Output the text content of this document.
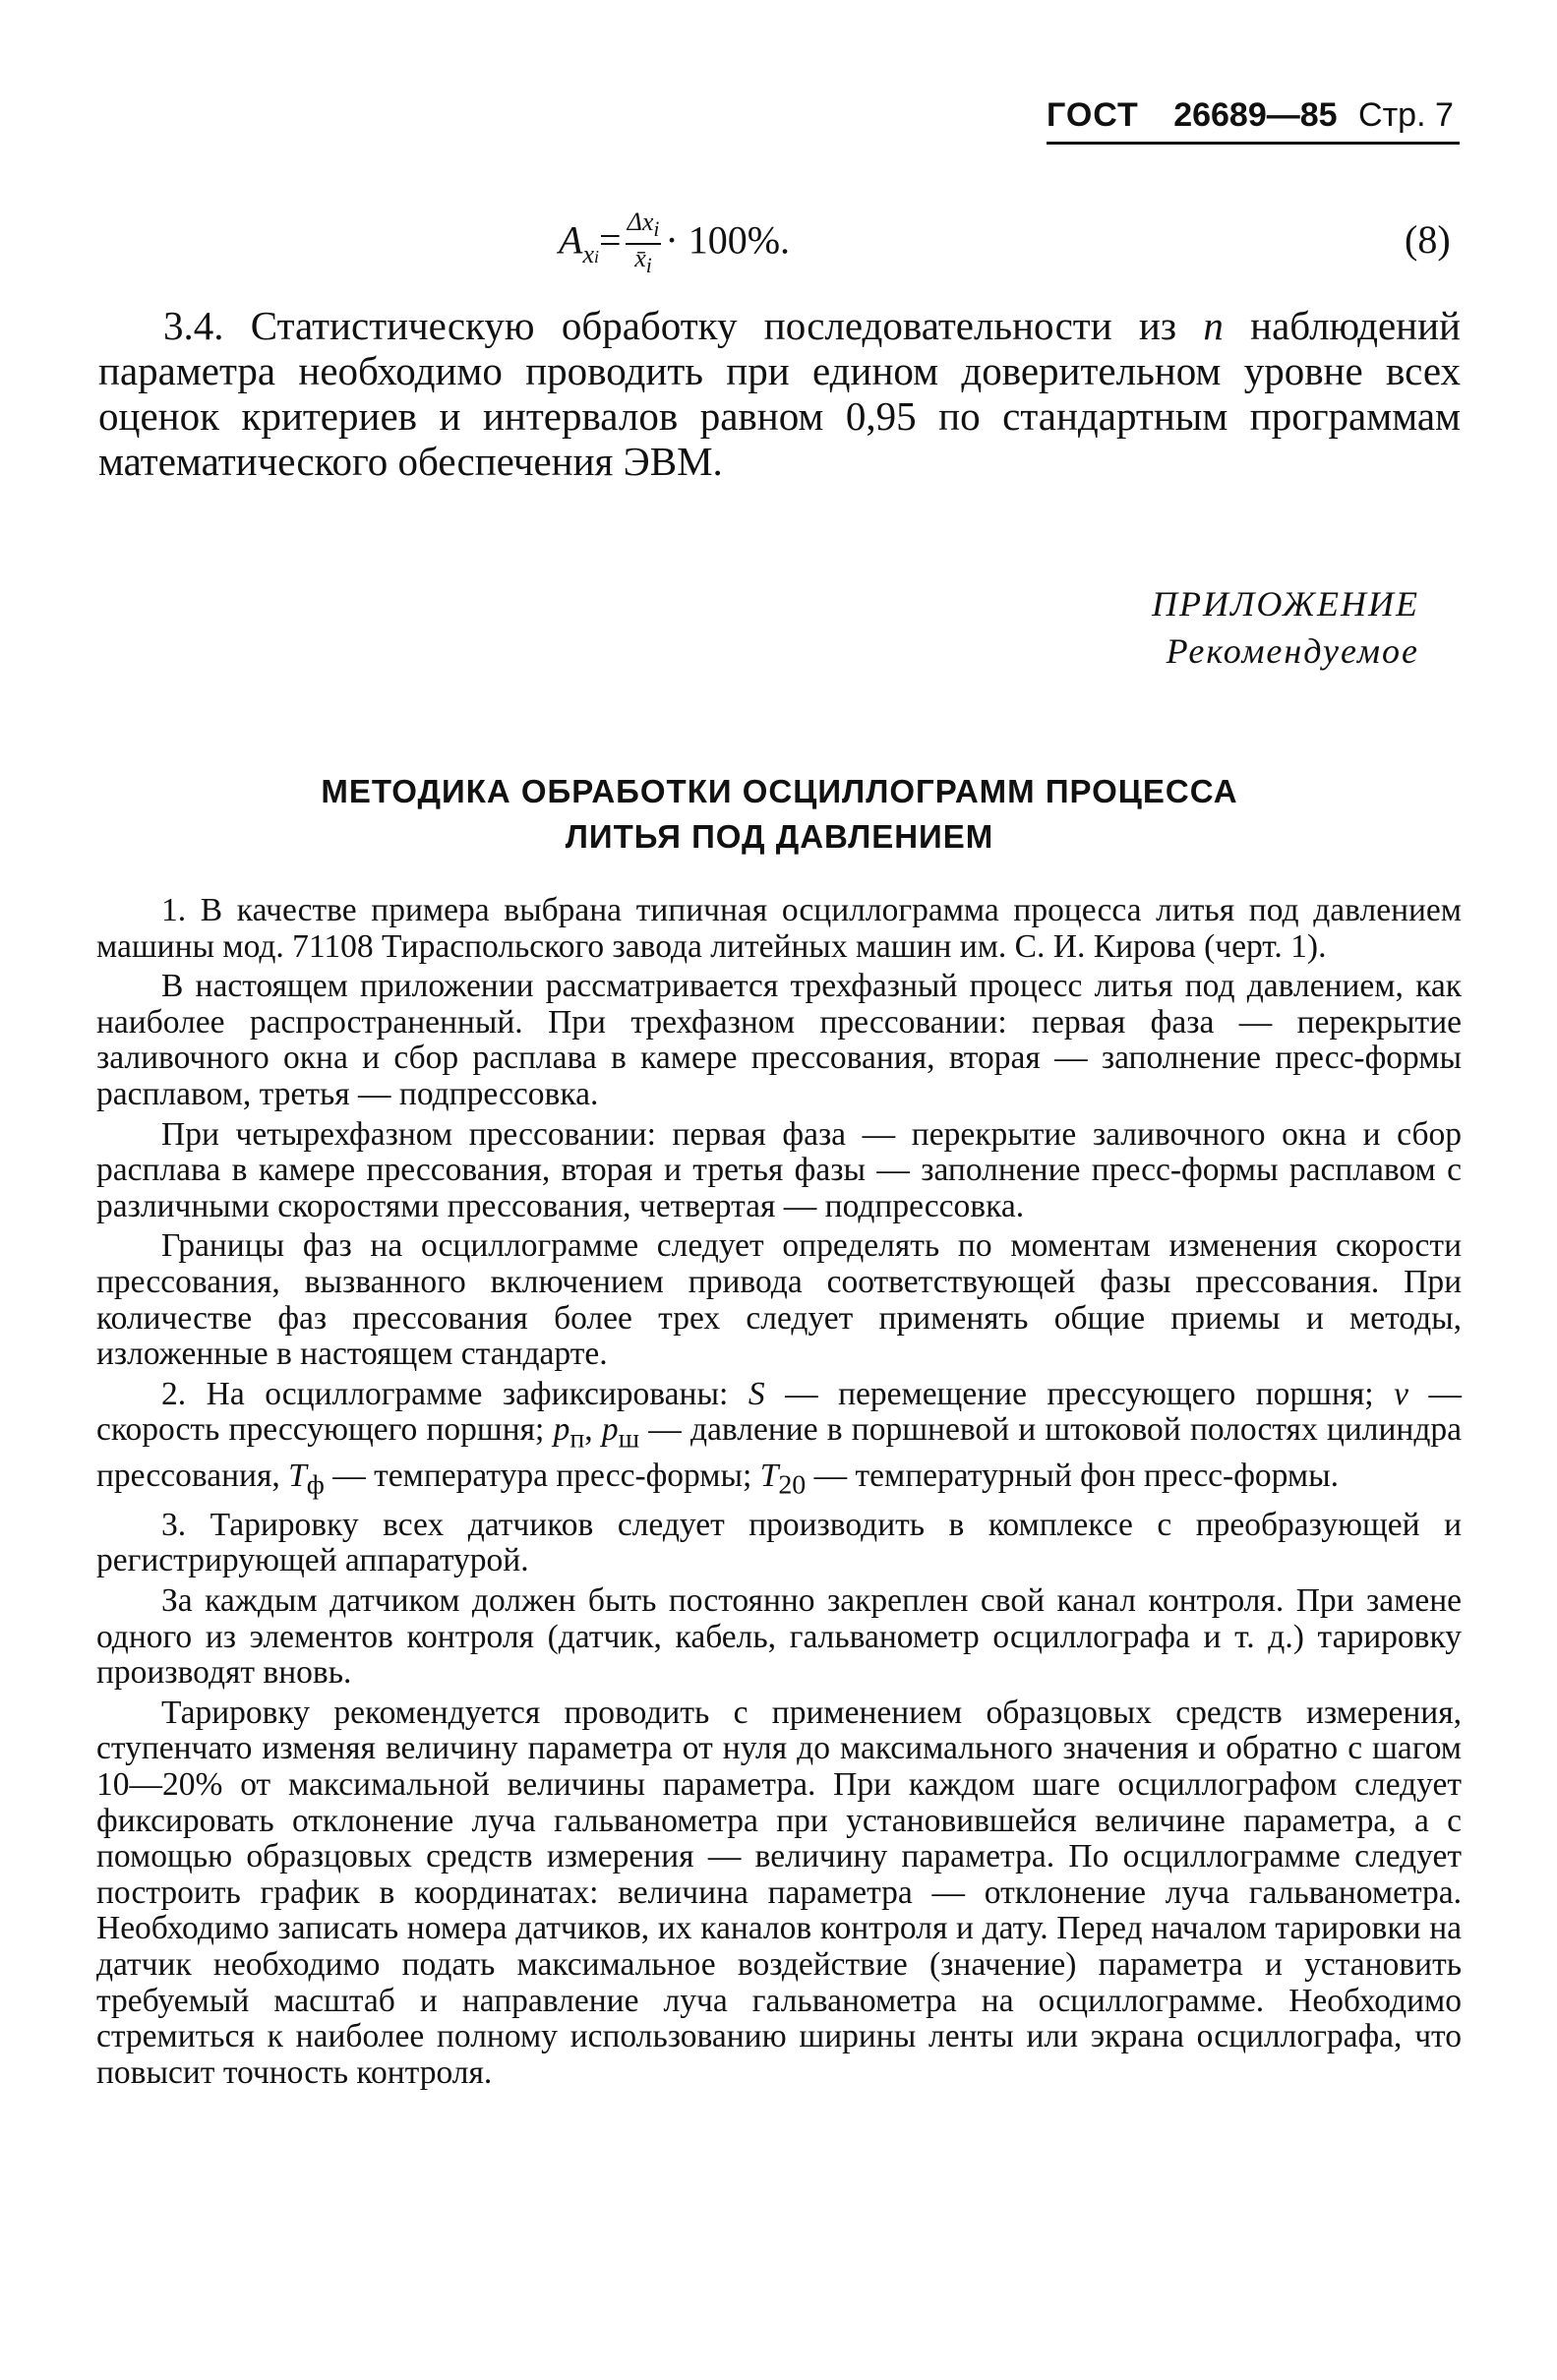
ГОСТ 26689—85 Стр. 7
$A_{xi}= \frac{\Delta x_i}{x̄_i} \cdot 100\%$.	(8)
3.4. Статистическую обработку последовательности из n наблюдений параметра необходимо проводить при едином доверительном уровне всех оценок критериев и интервалов равном 0,95 по стандартным программам математического обеспечения ЭВМ.
ПРИЛОЖЕНИЕ
Рекомендуемое
МЕТОДИКА ОБРАБОТКИ ОСЦИЛЛОГРАММ ПРОЦЕССА
ЛИТЬЯ ПОД ДАВЛЕНИЕМ

1. В качестве примера выбрана типичная осциллограмма процесса литья под давлением машины мод. 71108 Тираспольского завода литейных машин им. С. И. Кирова (черт. 1).

В настоящем приложении рассматривается трехфазный процесс литья под давлением, как наиболее распространенный. При трехфазном прессовании: первая фаза — перекрытие заливочного окна и сбор расплава в камере прессования, вторая — заполнение пресс-формы расплавом, третья — подпрессовка.

При четырехфазном прессовании: первая фаза — перекрытие заливочного окна и сбор расплава в камере прессования, вторая и третья фазы — заполнение пресс-формы расплавом с различными скоростями прессования, четвертая — подпрессовка.

Границы фаз на осциллограмме следует определять по моментам изменения скорости прессования, вызванного включением привода соответствующей фазы прессования. При количестве фаз прессования более трех следует применять общие приемы и методы, изложенные в настоящем стандарте.

2. На осциллограмме зафиксированы: S — перемещение прессующего поршня; v — скорость прессующего поршня; $p_п$, $p_ш$ — давление в поршневой и штоковой полостях цилиндра прессования, $T_ф$ — температура пресс-формы; $T_{20}$ — температурный фон пресс-формы.

3. Тарировку всех датчиков следует производить в комплексе с преобразующей и регистрирующей аппаратурой.

За каждым датчиком должен быть постоянно закреплен свой канал контроля. При замене одного из элементов контроля (датчик, кабель, гальванометр осциллографа и т. д.) тарировку производят вновь.

Тарировку рекомендуется проводить с применением образцовых средств измерения, ступенчато изменяя величину параметра от нуля до максимального значения и обратно с шагом 10—20% от максимальной величины параметра. При каждом шаге осциллографом следует фиксировать отклонение луча гальванометра при установившейся величине параметра, а с помощью образцовых средств измерения — величину параметра. По осциллограмме следует построить график в координатах: величина параметра — отклонение луча гальванометра. Необходимо записать номера датчиков, их каналов контроля и дату. Перед началом тарировки на датчик необходимо подать максимальное воздействие (значение) параметра и установить требуемый масштаб и направление луча гальванометра на осциллограмме. Необходимо стремиться к наиболее полному использованию ширины ленты или экрана осциллографа, что повысит точность контроля.
